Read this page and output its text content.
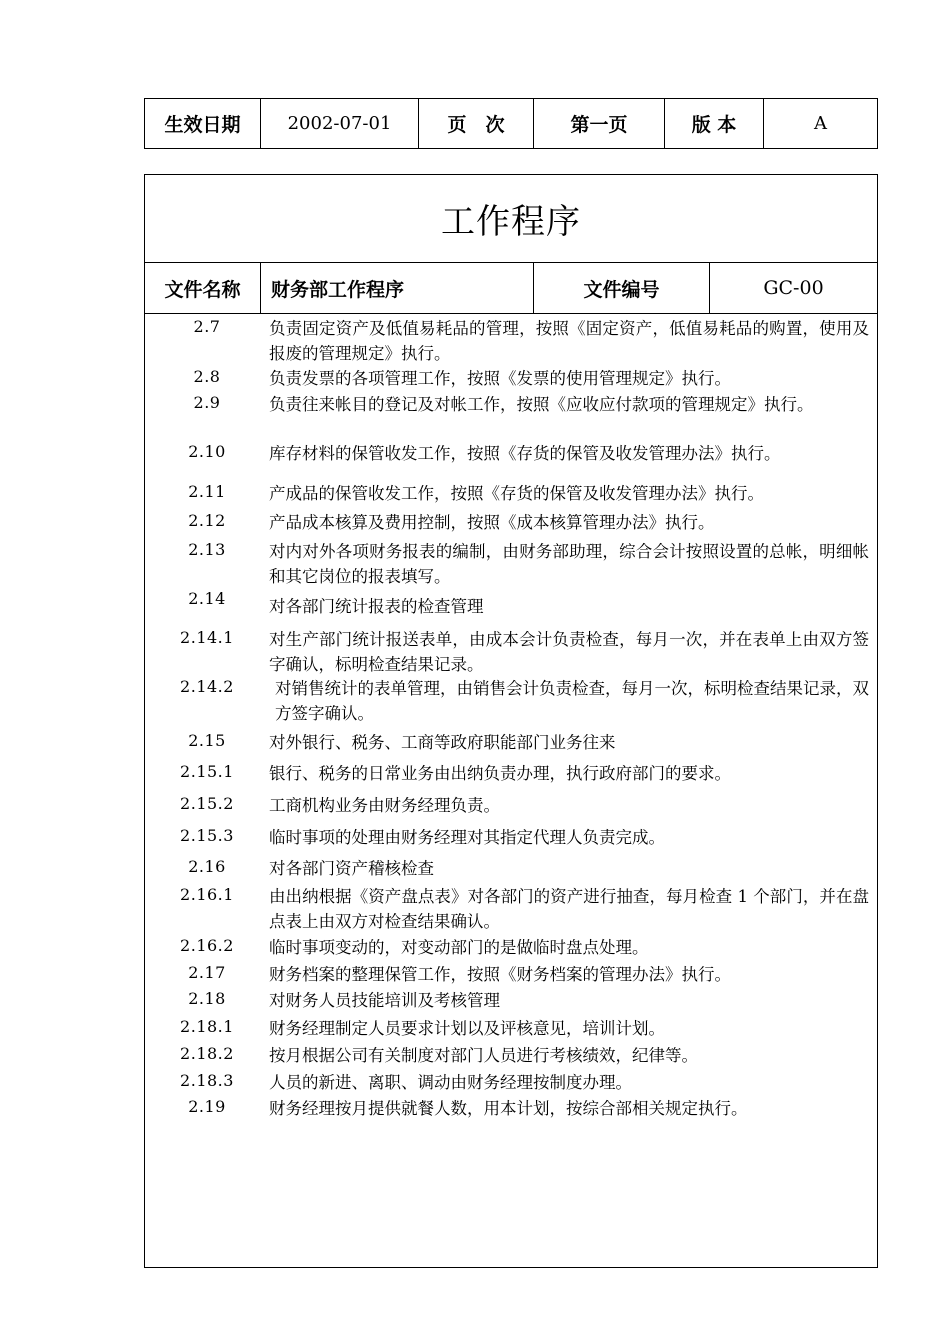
生效日期	2002-07-01	页　次	第一页	版 本	A
工作程序
文件名称	财务部工作程序	文件编号	GC-00
2.7	负责固定资产及低值易耗品的管理，按照《固定资产，低值易耗品的购置，使用及报废的管理规定》执行。
2.8	负责发票的各项管理工作，按照《发票的使用管理规定》执行。
2.9	负责往来帐目的登记及对帐工作，按照《应收应付款项的管理规定》执行。
2.10	库存材料的保管收发工作，按照《存货的保管及收发管理办法》执行。
2.11	产成品的保管收发工作，按照《存货的保管及收发管理办法》执行。
2.12	产品成本核算及费用控制，按照《成本核算管理办法》执行。
2.13	对内对外各项财务报表的编制，由财务部助理，综合会计按照设置的总帐，明细帐和其它岗位的报表填写。
2.14	对各部门统计报表的检查管理
2.14.1	对生产部门统计报送表单，由成本会计负责检查，每月一次，并在表单上由双方签字确认，标明检查结果记录。
2.14.2	对销售统计的表单管理，由销售会计负责检查，每月一次，标明检查结果记录，双方签字确认。
2.15	对外银行、税务、工商等政府职能部门业务往来
2.15.1	银行、税务的日常业务由出纳负责办理，执行政府部门的要求。
2.15.2	工商机构业务由财务经理负责。
2.15.3	临时事项的处理由财务经理对其指定代理人负责完成。
2.16	对各部门资产稽核检查
2.16.1	由出纳根据《资产盘点表》对各部门的资产进行抽查，每月检查 1 个部门，并在盘点表上由双方对检查结果确认。
2.16.2	临时事项变动的，对变动部门的是做临时盘点处理。
2.17	财务档案的整理保管工作，按照《财务档案的管理办法》执行。
2.18	对财务人员技能培训及考核管理
2.18.1	财务经理制定人员要求计划以及评核意见，培训计划。
2.18.2	按月根据公司有关制度对部门人员进行考核绩效，纪律等。
2.18.3	人员的新进、离职、调动由财务经理按制度办理。
2.19	财务经理按月提供就餐人数，用本计划，按综合部相关规定执行。
